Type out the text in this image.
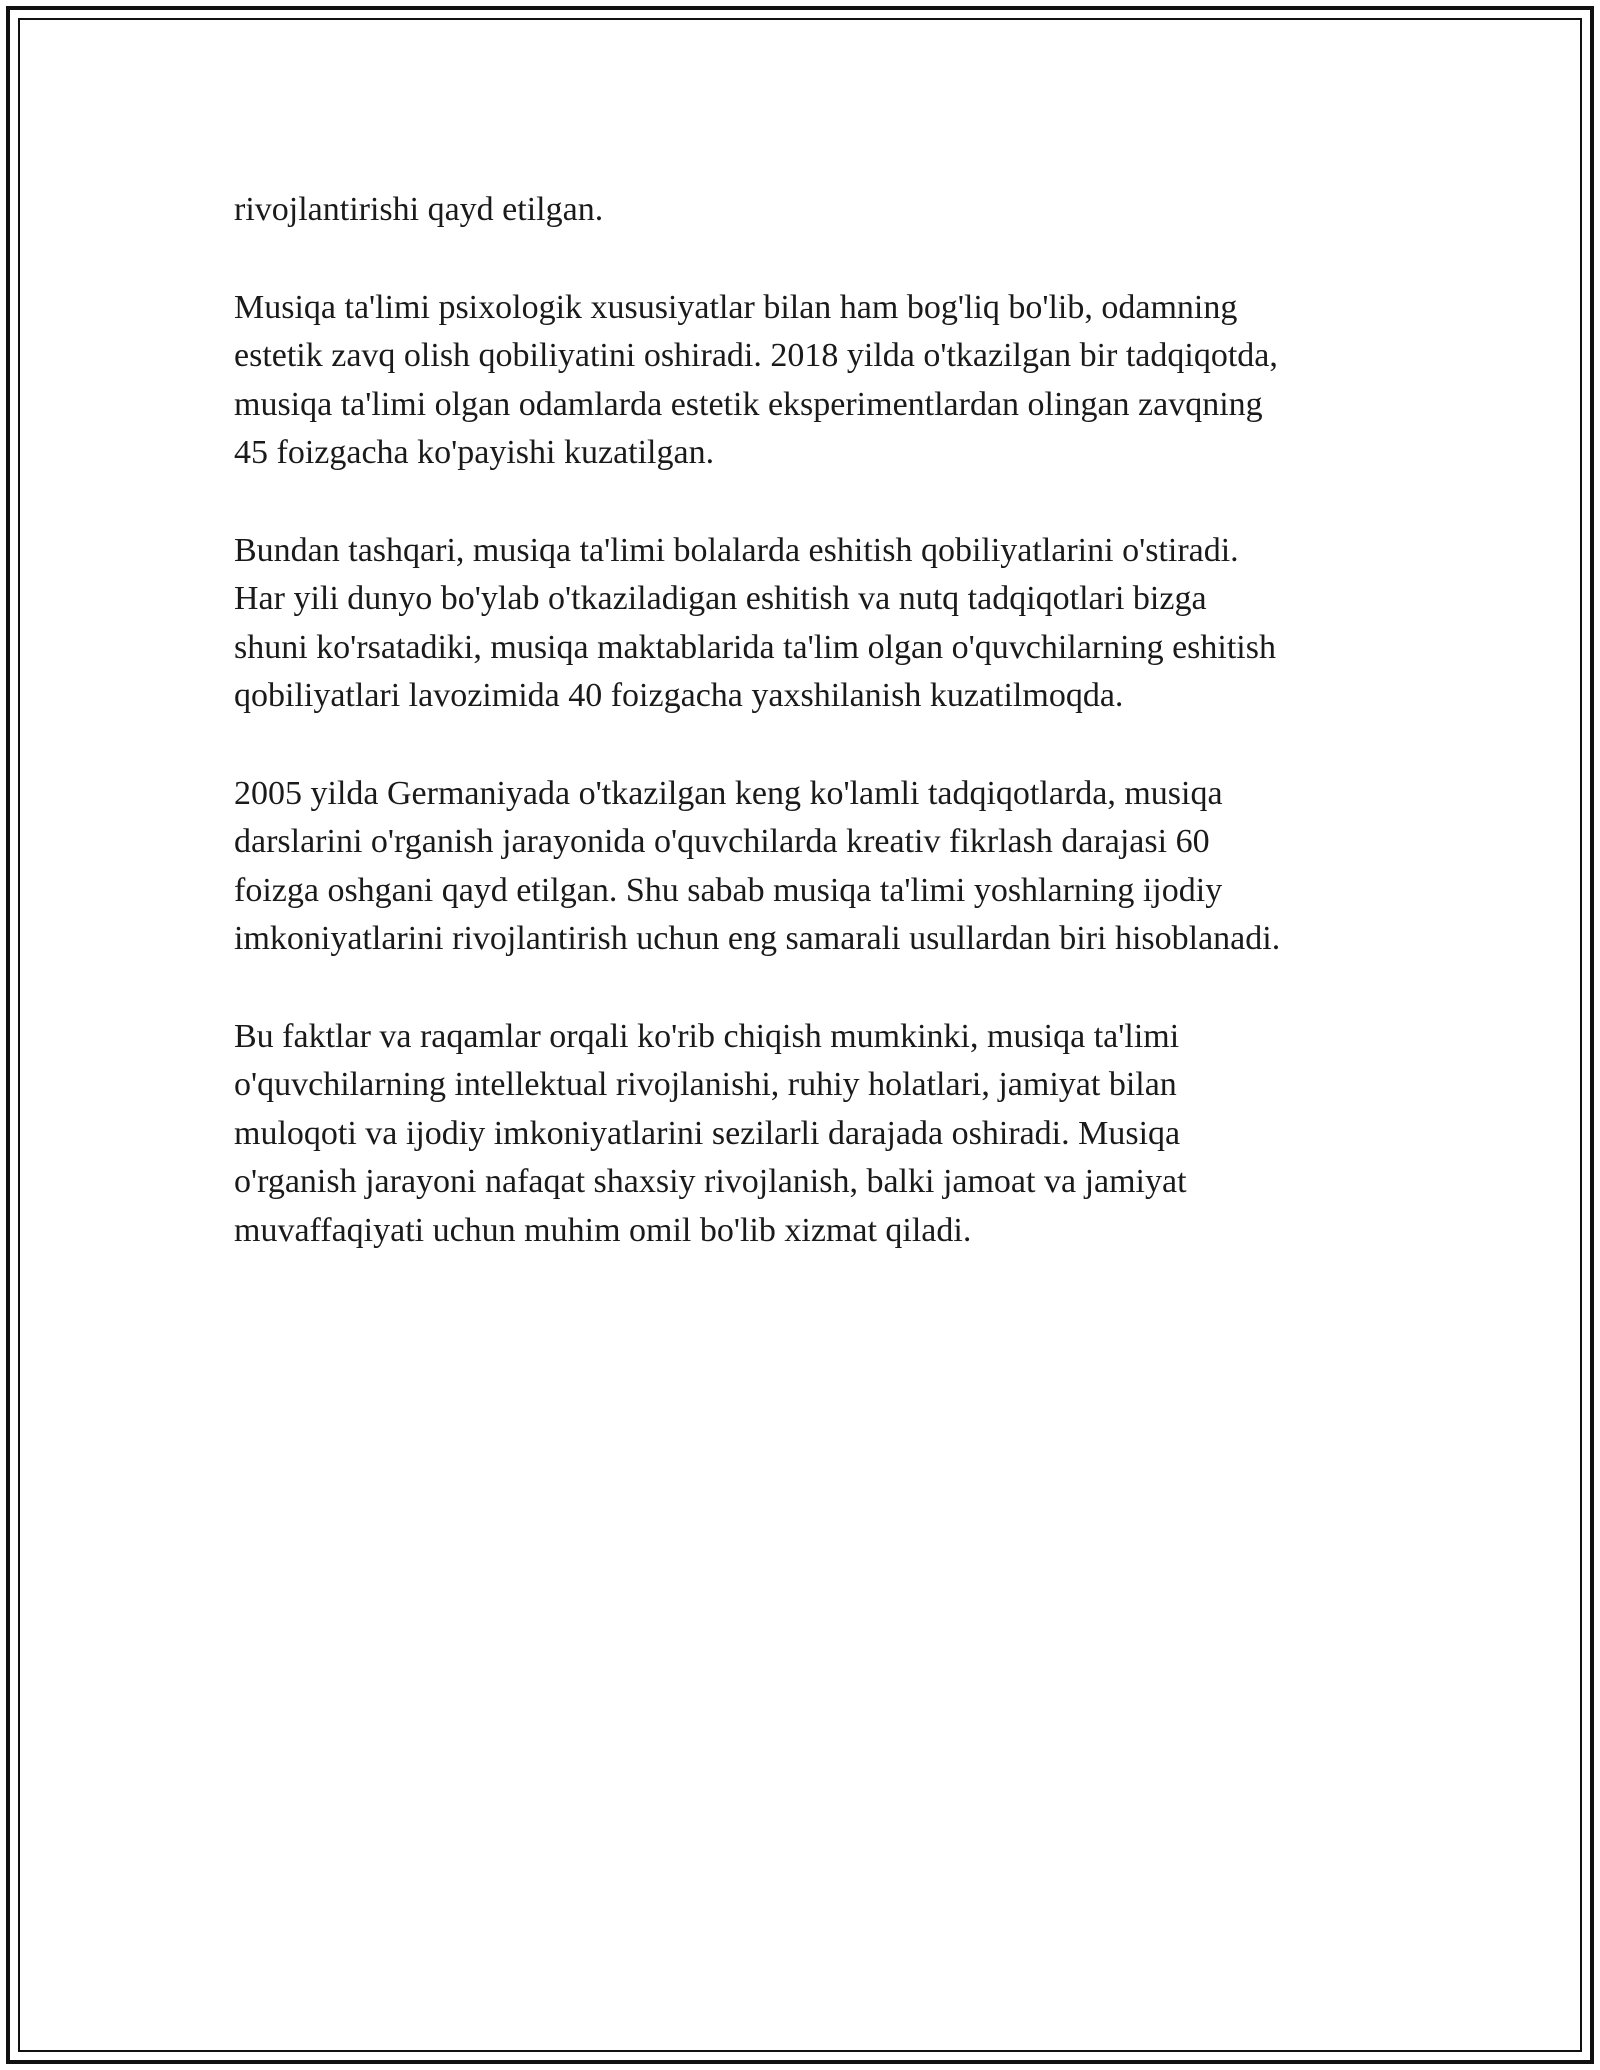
rivojlantirishi qayd etilgan.

Musiqa ta'limi psixologik xususiyatlar bilan ham bog'liq bo'lib, odamning
estetik zavq olish qobiliyatini oshiradi. 2018 yilda o'tkazilgan bir tadqiqotda,
musiqa ta'limi olgan odamlarda estetik eksperimentlardan olingan zavqning
45 foizgacha ko'payishi kuzatilgan.

Bundan tashqari, musiqa ta'limi bolalarda eshitish qobiliyatlarini o'stiradi.
Har yili dunyo bo'ylab o'tkaziladigan eshitish va nutq tadqiqotlari bizga
shuni ko'rsatadiki, musiqa maktablarida ta'lim olgan o'quvchilarning eshitish
qobiliyatlari lavozimida 40 foizgacha yaxshilanish kuzatilmoqda.

2005 yilda Germaniyada o'tkazilgan keng ko'lamli tadqiqotlarda, musiqa
darslarini o'rganish jarayonida o'quvchilarda kreativ fikrlash darajasi 60
foizga oshgani qayd etilgan. Shu sabab musiqa ta'limi yoshlarning ijodiy
imkoniyatlarini rivojlantirish uchun eng samarali usullardan biri hisoblanadi.

Bu faktlar va raqamlar orqali ko'rib chiqish mumkinki, musiqa ta'limi
o'quvchilarning intellektual rivojlanishi, ruhiy holatlari, jamiyat bilan
muloqoti va ijodiy imkoniyatlarini sezilarli darajada oshiradi. Musiqa
o'rganish jarayoni nafaqat shaxsiy rivojlanish, balki jamoat va jamiyat
muvaffaqiyati uchun muhim omil bo'lib xizmat qiladi.
